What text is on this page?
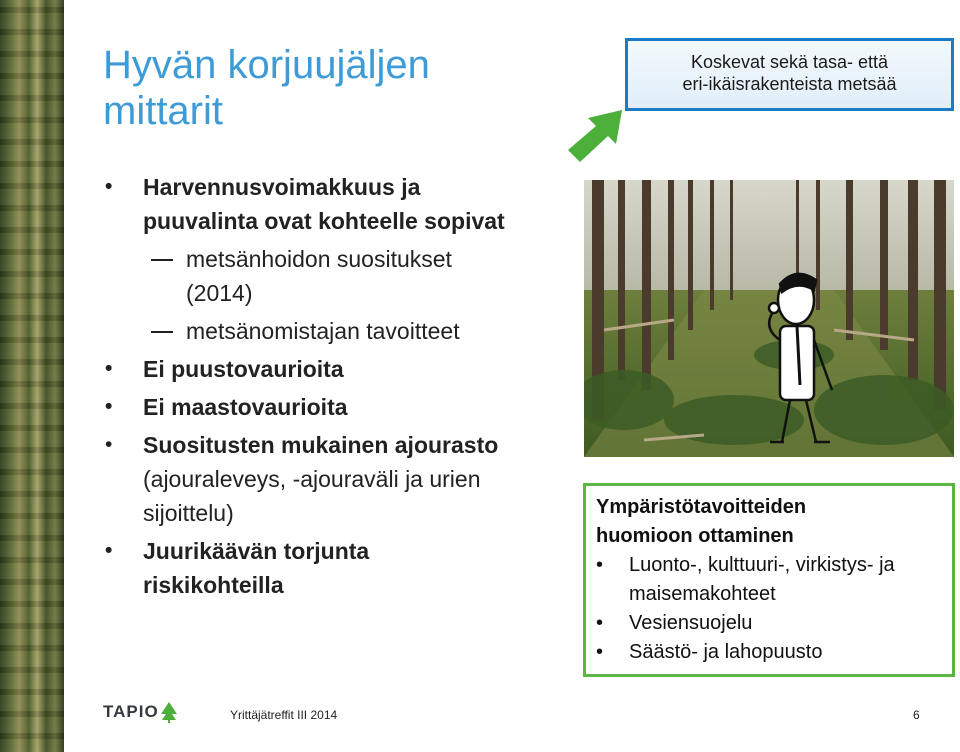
Hyvän korjuujäljen
mittarit
• Harvennusvoimakkuus ja
puuvalinta ovat kohteelle sopivat
metsänhoidon suositukset
(2014)
metsänomistajan tavoitteet
• Ei puustovaurioita
• Ei maastovaurioita
• Suositusten mukainen ajourasto
(ajouraleveys, -ajouraväli ja urien
sijoittelu)
• Juurikäävän torjunta
riskikohteilla
Koskevat sekä tasa- että
eri-ikäisrakenteista metsää
Ympäristötavoitteiden
huomioon ottaminen
• Luonto-, kulttuuri-, virkistys- ja
maisemakohteet
• Vesiensuojelu
• Säästö- ja lahopuusto
TAPIO	Yrittäjätreffit III 2014	6
